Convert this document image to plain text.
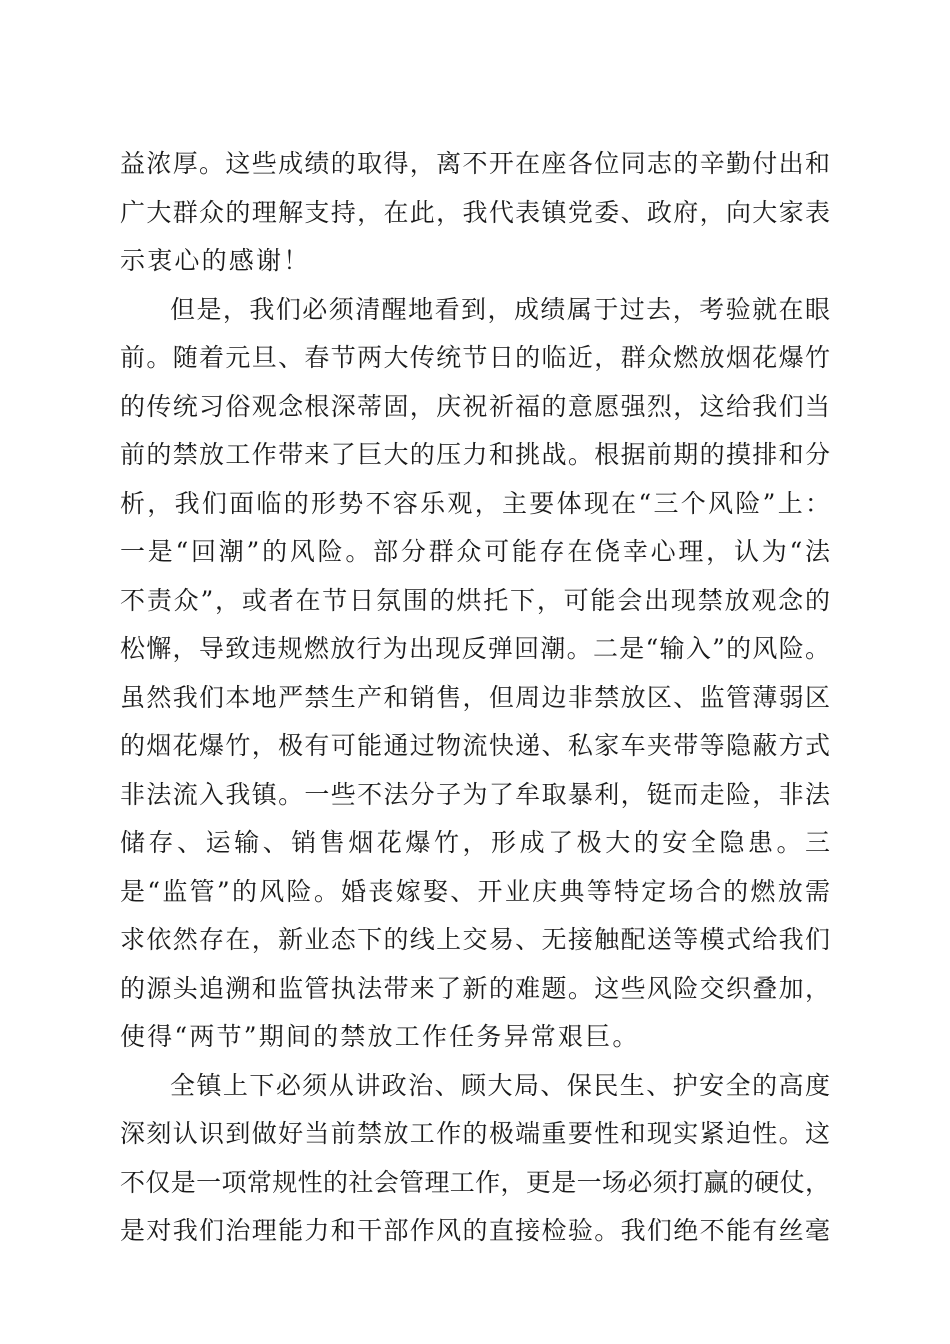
益浓厚。这些成绩的取得，离不开在座各位同志的辛勤付出和
广大群众的理解支持，在此，我代表镇党委、政府，向大家表
示衷心的感谢！
但是，我们必须清醒地看到，成绩属于过去，考验就在眼
前。随着元旦、春节两大传统节日的临近，群众燃放烟花爆竹
的传统习俗观念根深蒂固，庆祝祈福的意愿强烈，这给我们当
前的禁放工作带来了巨大的压力和挑战。根据前期的摸排和分
析，我们面临的形势不容乐观，主要体现在“三个风险”上：
一是“回潮”的风险。部分群众可能存在侥幸心理，认为“法
不责众”，或者在节日氛围的烘托下，可能会出现禁放观念的
松懈，导致违规燃放行为出现反弹回潮。二是“输入”的风险。
虽然我们本地严禁生产和销售，但周边非禁放区、监管薄弱区
的烟花爆竹，极有可能通过物流快递、私家车夹带等隐蔽方式
非法流入我镇。一些不法分子为了牟取暴利，铤而走险，非法
储存、运输、销售烟花爆竹，形成了极大的安全隐患。三
是“监管”的风险。婚丧嫁娶、开业庆典等特定场合的燃放需
求依然存在，新业态下的线上交易、无接触配送等模式给我们
的源头追溯和监管执法带来了新的难题。这些风险交织叠加，
使得“两节”期间的禁放工作任务异常艰巨。
全镇上下必须从讲政治、顾大局、保民生、护安全的高度
深刻认识到做好当前禁放工作的极端重要性和现实紧迫性。这
不仅是一项常规性的社会管理工作，更是一场必须打赢的硬仗，
是对我们治理能力和干部作风的直接检验。我们绝不能有丝毫
